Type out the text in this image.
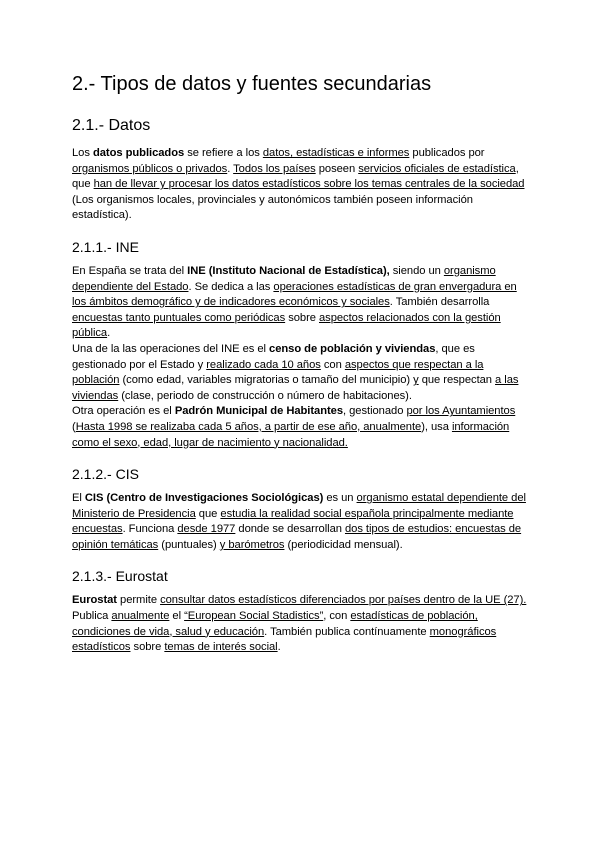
2.- Tipos de datos y fuentes secundarias
2.1.- Datos

Los datos publicados se refiere a los datos, estadísticas e informes publicados por organismos públicos o privados. Todos los países poseen servicios oficiales de estadística, que han de llevar y procesar los datos estadísticos sobre los temas centrales de la sociedad (Los organismos locales, provinciales y autonómicos también poseen información estadística).

2.1.1.- INE

En España se trata del INE (Instituto Nacional de Estadística), siendo un organismo dependiente del Estado. Se dedica a las operaciones estadísticas de gran envergadura en los ámbitos demográfico y de indicadores económicos y sociales. También desarrolla encuestas tanto puntuales como periódicas sobre aspectos relacionados con la gestión pública.

Una de la las operaciones del INE es el censo de población y viviendas, que es gestionado por el Estado y realizado cada 10 años con aspectos que respectan a la población (como edad, variables migratorias o tamaño del municipio) y que respectan a las viviendas (clase, periodo de construcción o número de habitaciones).

Otra operación es el Padrón Municipal de Habitantes, gestionado por los Ayuntamientos (Hasta 1998 se realizaba cada 5 años, a partir de ese año, anualmente), usa información como el sexo, edad, lugar de nacimiento y nacionalidad.

2.1.2.- CIS

El CIS (Centro de Investigaciones Sociológicas) es un organismo estatal dependiente del Ministerio de Presidencia que estudia la realidad social española principalmente mediante encuestas. Funciona desde 1977 donde se desarrollan dos tipos de estudios: encuestas de opinión temáticas (puntuales) y barómetros (periodicidad mensual).

2.1.3.- Eurostat

Eurostat permite consultar datos estadísticos diferenciados por países dentro de la UE (27). Publica anualmente el “European Social Stadistics”, con estadísticas de población, condiciones de vida, salud y educación. También publica contínuamente monográficos estadísticos sobre temas de interés social.
